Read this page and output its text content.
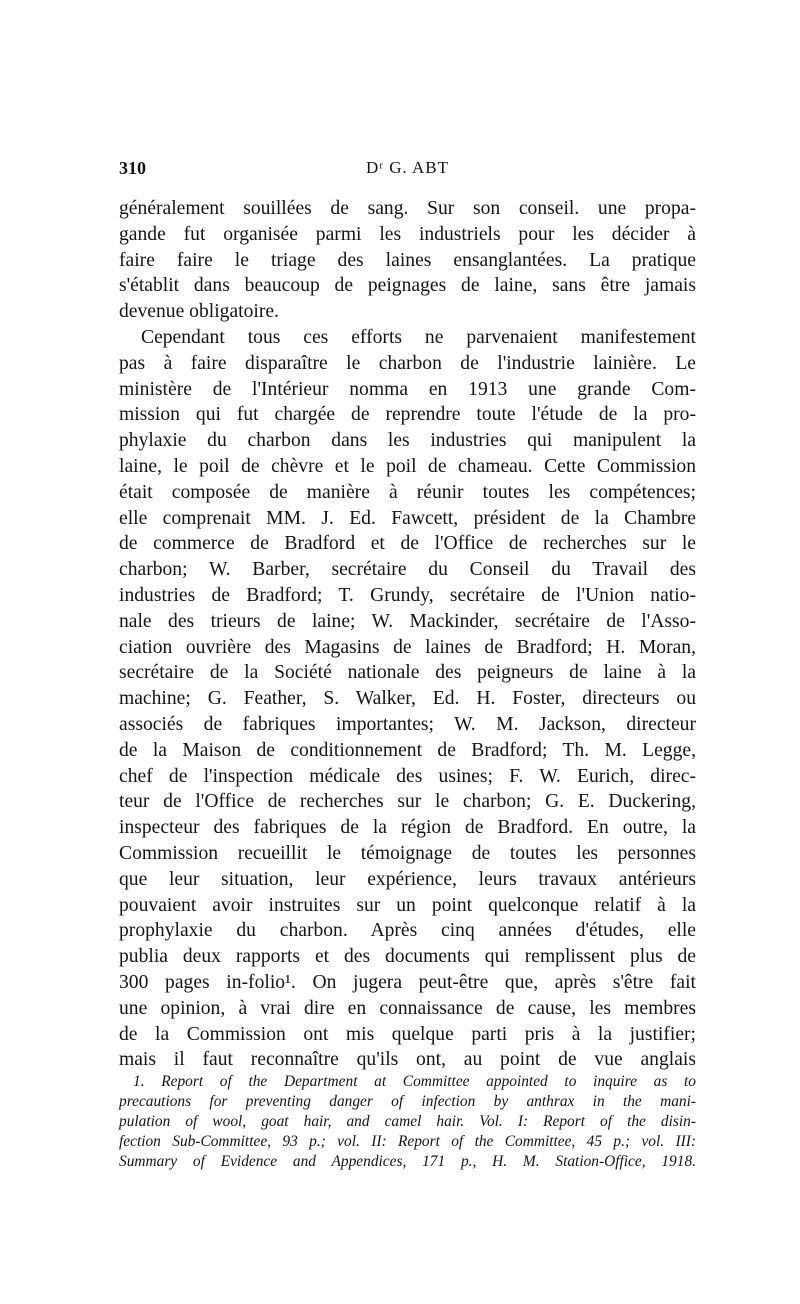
310	Dʳ G. ABT
généralement souillées de sang. Sur son conseil. une propa-
gande fut organisée parmi les industriels pour les décider à
faire faire le triage des laines ensanglantées. La pratique
s'établit dans beaucoup de peignages de laine, sans être jamais
devenue obligatoire.
Cependant tous ces efforts ne parvenaient manifestement
pas à faire disparaître le charbon de l'industrie lainière. Le
ministère de l'Intérieur nomma en 1913 une grande Com-
mission qui fut chargée de reprendre toute l'étude de la pro-
phylaxie du charbon dans les industries qui manipulent la
laine, le poil de chèvre et le poil de chameau. Cette Commission
était composée de manière à réunir toutes les compétences;
elle comprenait MM. J. Ed. Fawcett, président de la Chambre
de commerce de Bradford et de l'Office de recherches sur le
charbon; W. Barber, secrétaire du Conseil du Travail des
industries de Bradford; T. Grundy, secrétaire de l'Union natio-
nale des trieurs de laine; W. Mackinder, secrétaire de l'Asso-
ciation ouvrière des Magasins de laines de Bradford; H. Moran,
secrétaire de la Société nationale des peigneurs de laine à la
machine; G. Feather, S. Walker, Ed. H. Foster, directeurs ou
associés de fabriques importantes; W. M. Jackson, directeur
de la Maison de conditionnement de Bradford; Th. M. Legge,
chef de l'inspection médicale des usines; F. W. Eurich, direc-
teur de l'Office de recherches sur le charbon; G. E. Duckering,
inspecteur des fabriques de la région de Bradford. En outre, la
Commission recueillit le témoignage de toutes les personnes
que leur situation, leur expérience, leurs travaux antérieurs
pouvaient avoir instruites sur un point quelconque relatif à la
prophylaxie du charbon. Après cinq années d'études, elle
publia deux rapports et des documents qui remplissent plus de
300 pages in-folio¹. On jugera peut-être que, après s'être fait
une opinion, à vrai dire en connaissance de cause, les membres
de la Commission ont mis quelque parti pris à la justifier;
mais il faut reconnaître qu'ils ont, au point de vue anglais
1. Report of the Department at Committee appointed to inquire as to
precautions for preventing danger of infection by anthrax in the mani-
pulation of wool, goat hair, and camel hair. Vol. I: Report of the disin-
fection Sub-Committee, 93 p.; vol. II: Report of the Committee, 45 p.; vol. III:
Summary of Evidence and Appendices, 171 p., H. M. Station-Office, 1918.
